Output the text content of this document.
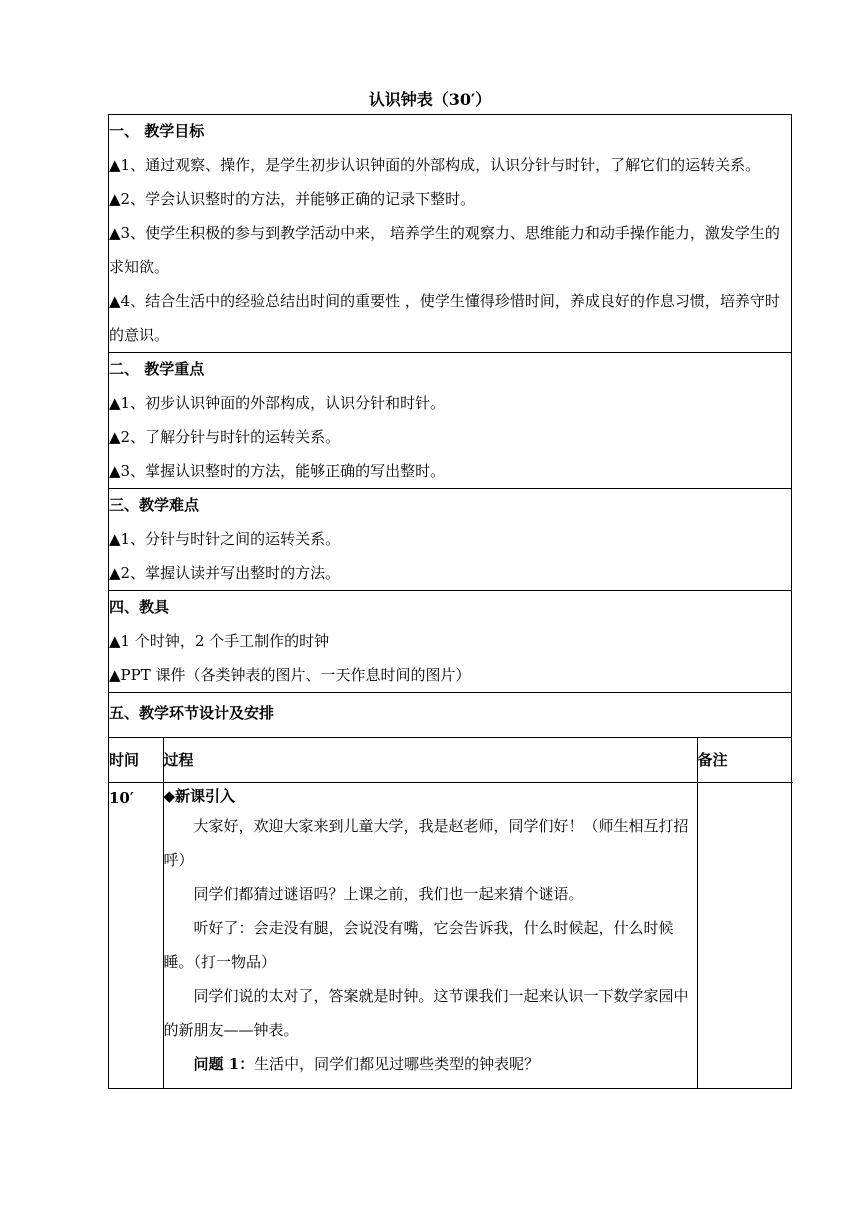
认识钟表（30′）
一、 教学目标
▲1、通过观察、操作，是学生初步认识钟面的外部构成，认识分针与时针，了解它们的运转关系。
▲2、学会认识整时的方法，并能够正确的记录下整时。
▲3、使学生积极的参与到教学活动中来， 培养学生的观察力、思维能力和动手操作能力，激发学生的求知欲。
▲4、结合生活中的经验总结出时间的重要性 ，使学生懂得珍惜时间，养成良好的作息习惯，培养守时的意识。

二、 教学重点
▲1、初步认识钟面的外部构成，认识分针和时针。
▲2、了解分针与时针的运转关系。
▲3、掌握认识整时的方法，能够正确的写出整时。

三、教学难点
▲1、分针与时针之间的运转关系。
▲2、掌握认读并写出整时的方法。

四、教具
▲1 个时钟，2 个手工制作的时钟
▲PPT 课件（各类钟表的图片、一天作息时间的图片）

五、教学环节设计及安排

时间	过程	备注
10′	◆新课引入
大家好，欢迎大家来到儿童大学，我是赵老师，同学们好！（师生相互打招呼）
同学们都猜过谜语吗？上课之前，我们也一起来猜个谜语。
听好了：会走没有腿，会说没有嘴，它会告诉我，什么时候起，什么时候睡。（打一物品）
同学们说的太对了，答案就是时钟。这节课我们一起来认识一下数学家园中的新朋友——钟表。
问题 1：生活中，同学们都见过哪些类型的钟表呢？
